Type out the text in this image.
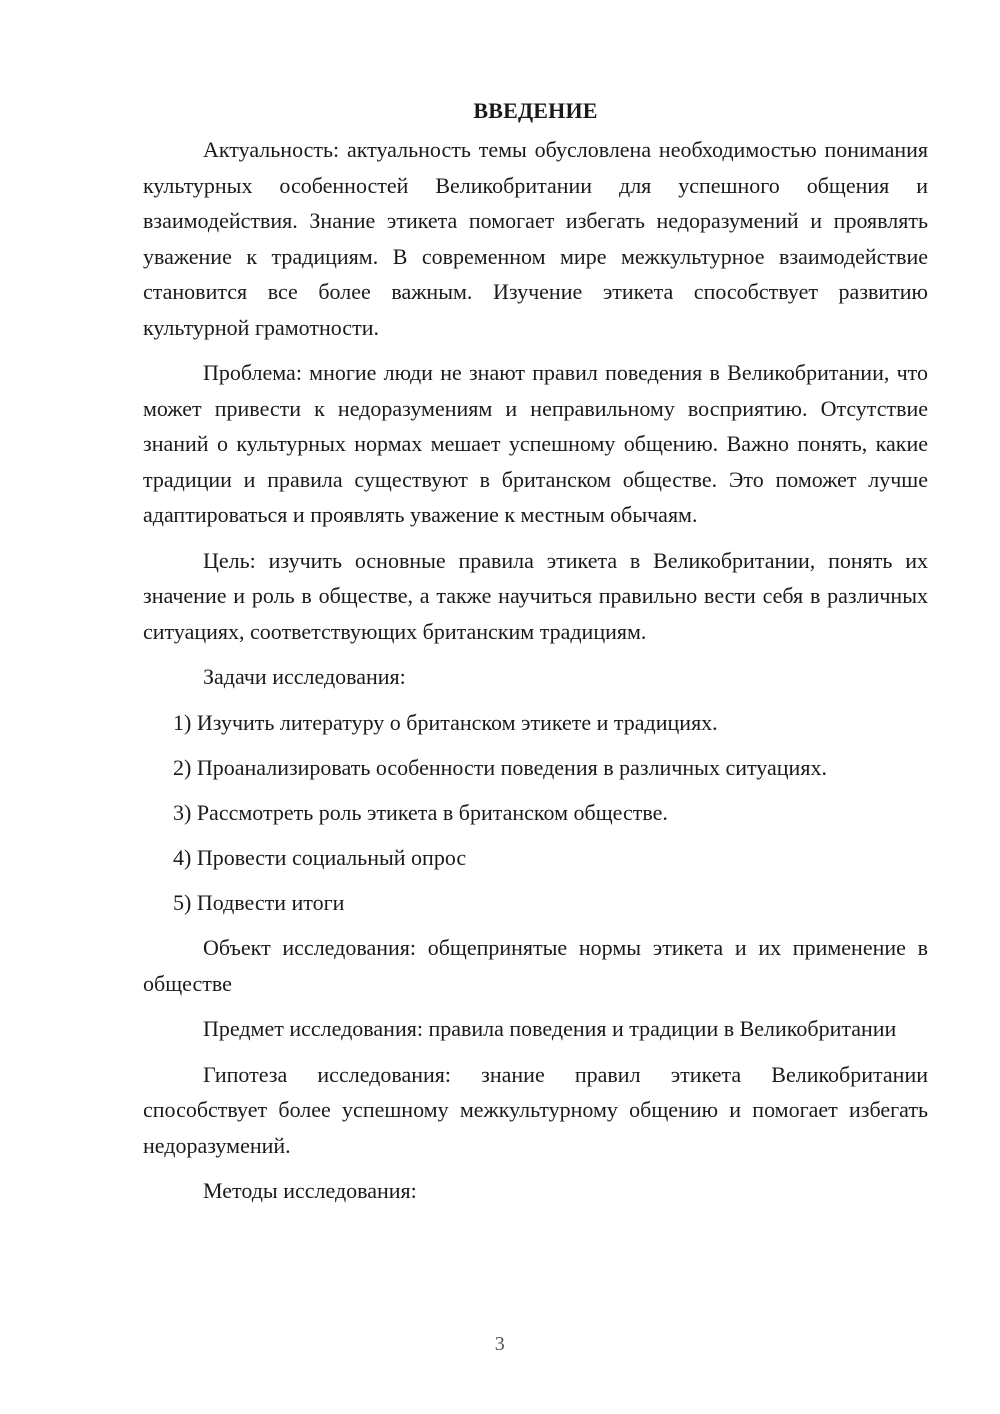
ВВЕДЕНИЕ

Актуальность: актуальность темы обусловлена необходимостью понимания культурных особенностей Великобритании для успешного общения и взаимодействия. Знание этикета помогает избегать недоразумений и проявлять уважение к традициям. В современном мире межкультурное взаимодействие становится все более важным. Изучение этикета способствует развитию культурной грамотности.

Проблема: многие люди не знают правил поведения в Великобритании, что может привести к недоразумениям и неправильному восприятию. Отсутствие знаний о культурных нормах мешает успешному общению. Важно понять, какие традиции и правила существуют в британском обществе. Это поможет лучше адаптироваться и проявлять уважение к местным обычаям.

Цель: изучить основные правила этикета в Великобритании, понять их значение и роль в обществе, а также научиться правильно вести себя в различных ситуациях, соответствующих британским традициям.

Задачи исследования:

1) Изучить литературу о британском этикете и традициях.
2) Проанализировать особенности поведения в различных ситуациях.
3) Рассмотреть роль этикета в британском обществе.
4) Провести социальный опрос
5) Подвести итоги

Объект исследования: общепринятые нормы этикета и их применение в обществе

Предмет исследования: правила поведения и традиции в Великобритании

Гипотеза исследования: знание правил этикета Великобритании способствует более успешному межкультурному общению и помогает избегать недоразумений.

Методы исследования:

3
